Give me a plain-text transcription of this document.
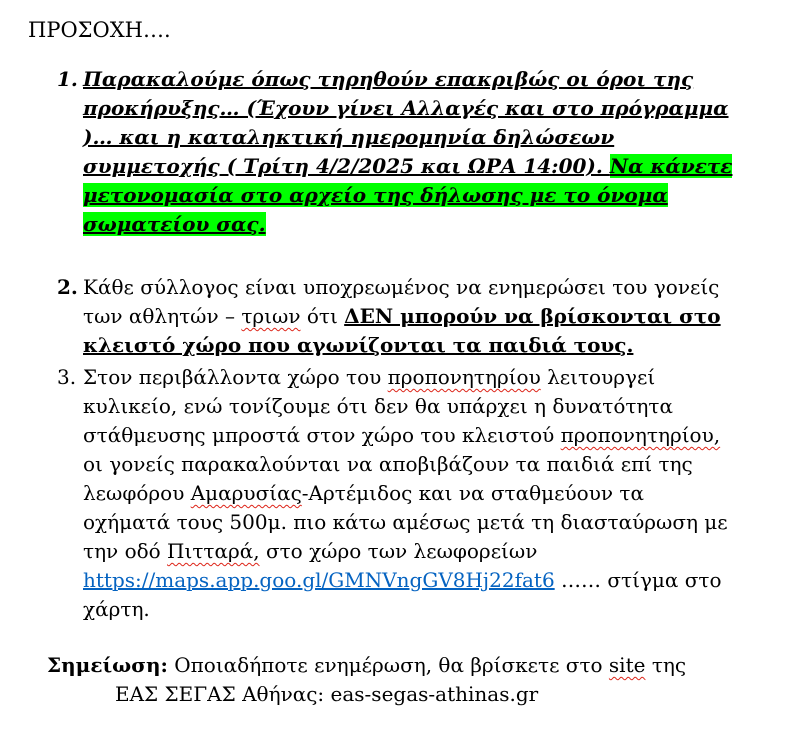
ΠΡΟΣΟΧΗ….

1. Παρακαλούμε όπως τηρηθούν επακριβώς οι όροι της προκήρυξης… (Έχουν γίνει Αλλαγές και στο πρόγραμμα )… και η καταληκτική ημερομηνία δηλώσεων συμμετοχής ( Τρίτη 4/2/2025 και ΩΡΑ 14:00). Να κάνετε μετονομασία στο αρχείο της δήλωσης με το όνομα σωματείου σας.
2. Κάθε σύλλογος είναι υποχρεωμένος να ενημερώσει του γονείς των αθλητών – τριων ότι ΔΕΝ μπορούν να βρίσκονται στο κλειστό χώρο που αγωνίζονται τα παιδιά τους.
3. Στον περιβάλλοντα χώρο του προπονητηρίου λειτουργεί κυλικείο, ενώ τονίζουμε ότι δεν θα υπάρχει η δυνατότητα στάθμευσης μπροστά στον χώρο του κλειστού προπονητηρίου, οι γονείς παρακαλούνται να αποβιβάζουν τα παιδιά επί της λεωφόρου Αμαρυσίας-Αρτέμιδος και να σταθμεύουν τα οχήματά τους 500μ. πιο κάτω αμέσως μετά τη διασταύρωση με την οδό Πιτταρά, στο χώρο των λεωφορείων https://maps.app.goo.gl/GMNVngGV8Hj22fat6 …… στίγμα στο χάρτη.

Σημείωση: Οποιαδήποτε ενημέρωση, θα βρίσκετε στο site της

ΕΑΣ ΣΕΓΑΣ Αθήνας: eas-segas-athinas.gr
